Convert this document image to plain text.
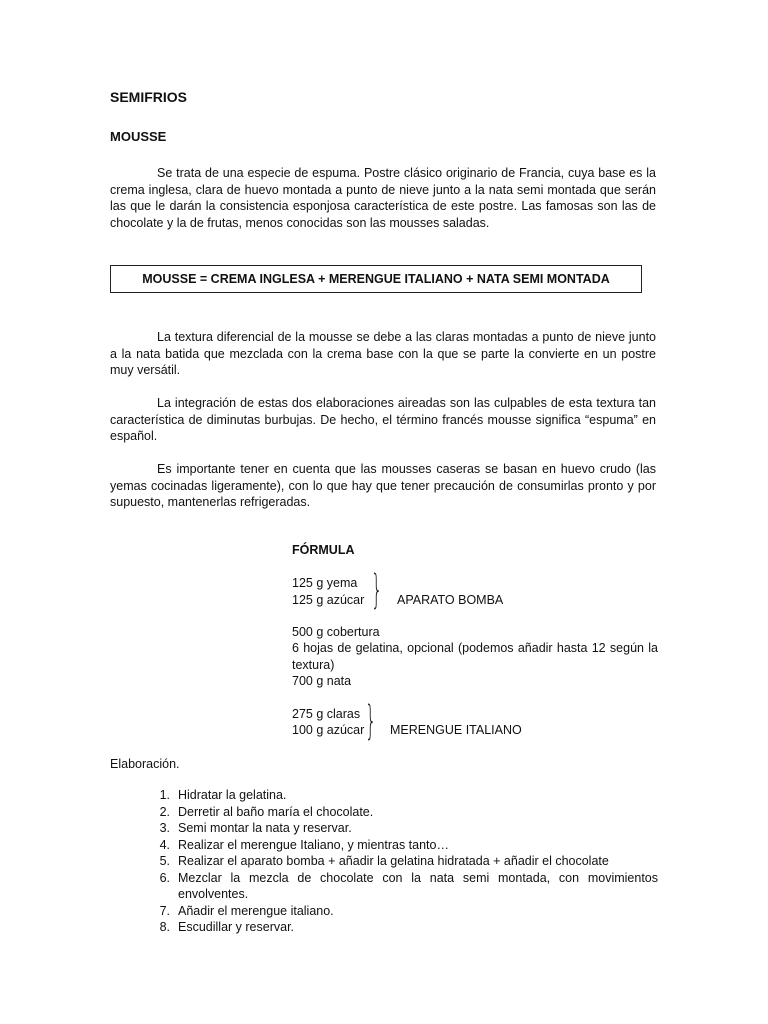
SEMIFRIOS
MOUSSE

Se trata de una especie de espuma. Postre clásico originario de Francia, cuya base es la crema inglesa, clara de huevo montada a punto de nieve junto a la nata semi montada que serán las que le darán la consistencia esponjosa característica de este postre. Las famosas son las de chocolate y la de frutas, menos conocidas son las mousses saladas.

MOUSSE = CREMA INGLESA + MERENGUE ITALIANO + NATA SEMI MONTADA

La textura diferencial de la mousse se debe a las claras montadas a punto de nieve junto a la nata batida que mezclada con la crema base con la que se parte la convierte en un postre muy versátil.

La integración de estas dos elaboraciones aireadas son las culpables de esta textura tan característica de diminutas burbujas. De hecho, el término francés mousse significa “espuma” en español.

Es importante tener en cuenta que las mousses caseras se basan en huevo crudo (las yemas cocinadas ligeramente), con lo que hay que tener precaución de consumirlas pronto y por supuesto, mantenerlas refrigeradas.

FÓRMULA
125 g yema
125 g azúcar } APARATO BOMBA
500 g cobertura
6 hojas de gelatina, opcional (podemos añadir hasta 12 según la textura)
700 g nata
275 g claras
100 g azúcar } MERENGUE ITALIANO
Elaboración.
1. Hidratar la gelatina.
2. Derretir al baño maría el chocolate.
3. Semi montar la nata y reservar.
4. Realizar el merengue Italiano, y mientras tanto…
5. Realizar el aparato bomba + añadir la gelatina hidratada + añadir el chocolate
6. Mezclar la mezcla de chocolate con la nata semi montada, con movimientos envolventes.
7. Añadir el merengue italiano.
8. Escudillar y reservar.
